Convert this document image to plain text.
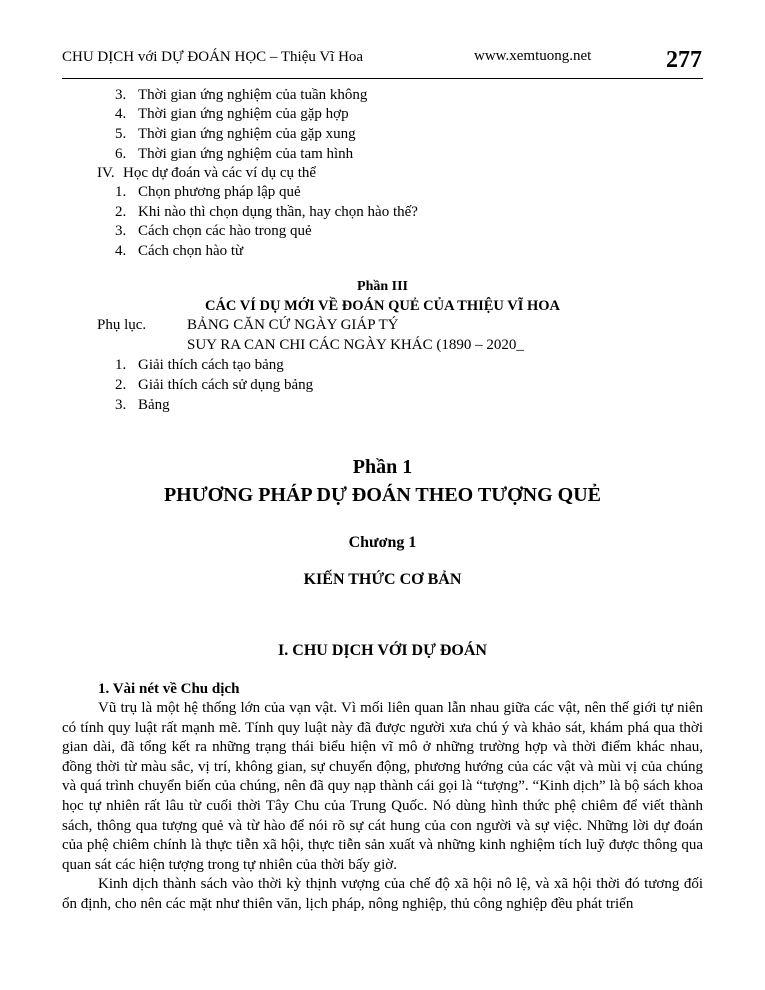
CHU DỊCH với DỰ ĐOÁN HỌC – Thiệu Vĩ Hoa	www.xemtuong.net	277
3. Thời gian ứng nghiệm của tuần không
4. Thời gian ứng nghiệm của gặp hợp
5. Thời gian ứng nghiệm của gặp xung
6. Thời gian ứng nghiệm của tam hình
IV. Học dự đoán và các ví dụ cụ thể
1. Chọn phương pháp lập quẻ
2. Khi nào thì chọn dụng thần, hay chọn hào thế?
3. Cách chọn các hào trong quẻ
4. Cách chọn hào từ
Phần III
CÁC VÍ DỤ MỚI VỀ ĐOÁN QUẺ CỦA THIỆU VĨ HOA
Phụ lục.	BẢNG CĂN CỨ NGÀY GIÁP TÝ
SUY RA CAN CHI CÁC NGÀY KHÁC (1890 – 2020_
1. Giải thích cách tạo bảng
2. Giải thích cách sử dụng bảng
3. Bảng
Phần 1
PHƯƠNG PHÁP DỰ ĐOÁN THEO TƯỢNG QUẺ
Chương 1
KIẾN THỨC CƠ BẢN
I. CHU DỊCH VỚI DỰ ĐOÁN
1. Vài nét về Chu dịch

Vũ trụ là một hệ thống lớn của vạn vật. Vì mối liên quan lẫn nhau giữa các vật, nên thế giới tự niên có tính quy luật rất mạnh mẽ. Tính quy luật này đã được người xưa chú ý và khảo sát, khám phá qua thời gian dài, đã tổng kết ra những trạng thái biểu hiện vĩ mô ở những trường hợp và thời điểm khác nhau, đồng thời từ màu sắc, vị trí, không gian, sự chuyển động, phương hướng của các vật và mùi vị của chúng và quá trình chuyển biến của chúng, nên đã quy nạp thành cái gọi là “tượng”. “Kinh dịch” là bộ sách khoa học tự nhiên rất lâu từ cuối thời Tây Chu của Trung Quốc. Nó dùng hình thức phệ chiêm để viết thành sách, thông qua tượng quẻ và từ hào để nói rõ sự cát hung của con người và sự việc. Những lời dự đoán của phệ chiêm chính là thực tiễn xã hội, thực tiễn sản xuất và những kinh nghiệm tích luỹ được thông qua quan sát các hiện tượng trong tự nhiên của thời bấy giờ.

Kinh dịch thành sách vào thời kỳ thịnh vượng của chế độ xã hội nô lệ, và xã hội thời đó tương đối ổn định, cho nên các mặt như thiên văn, lịch pháp, nông nghiệp, thủ công nghiệp đều phát triển
